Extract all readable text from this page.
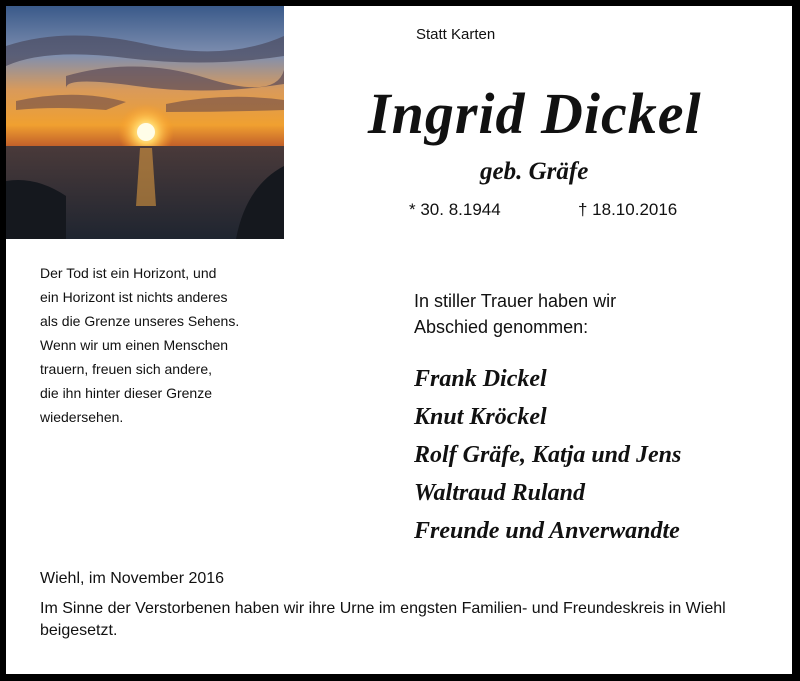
Statt Karten
Ingrid Dickel
geb. Gräfe
* 30. 8.1944	† 18.10.2016
Der Tod ist ein Horizont, und
ein Horizont ist nichts anderes
als die Grenze unseres Sehens.
Wenn wir um einen Menschen
trauern, freuen sich andere,
die ihn hinter dieser Grenze
wiedersehen.
In stiller Trauer haben wir
Abschied genommen:
Frank Dickel
Knut Kröckel
Rolf Gräfe, Katja und Jens
Waltraud Ruland
Freunde und Anverwandte
Wiehl, im November 2016
Im Sinne der Verstorbenen haben wir ihre Urne im engsten Familien- und Freundeskreis in Wiehl beigesetzt.
